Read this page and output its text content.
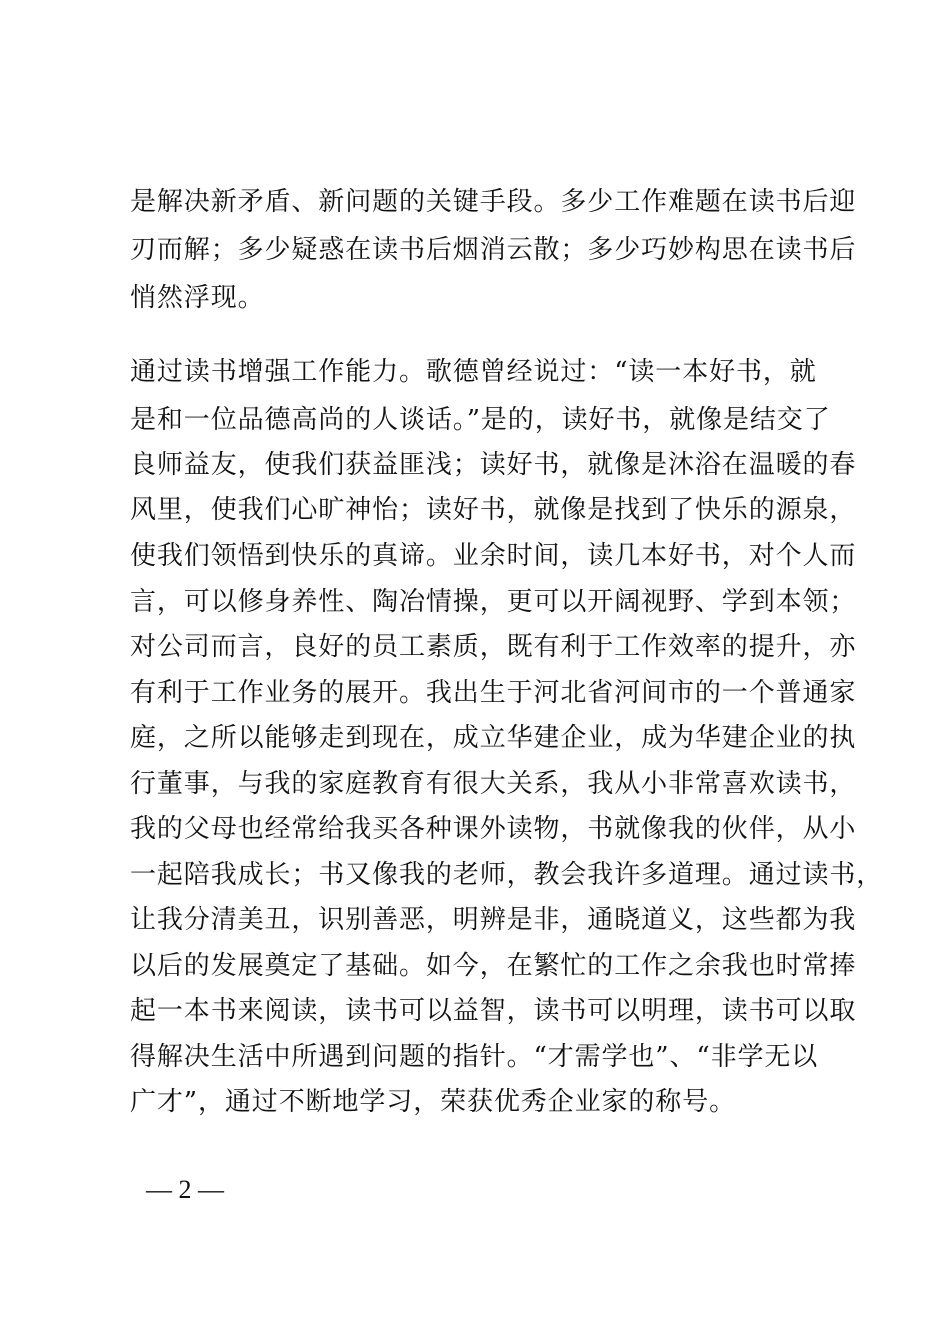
是解决新矛盾、新问题的关键手段。多少工作难题在读书后迎
刃而解；多少疑惑在读书后烟消云散；多少巧妙构思在读书后
悄然浮现。
通过读书增强工作能力。歌德曾经说过：“读一本好书，就
是和一位品德高尚的人谈话。”是的，读好书，就像是结交了
良师益友，使我们获益匪浅；读好书，就像是沐浴在温暖的春
风里，使我们心旷神怡；读好书，就像是找到了快乐的源泉，
使我们领悟到快乐的真谛。业余时间，读几本好书，对个人而
言，可以修身养性、陶冶情操，更可以开阔视野、学到本领；
对公司而言，良好的员工素质，既有利于工作效率的提升，亦
有利于工作业务的展开。我出生于河北省河间市的一个普通家
庭，之所以能够走到现在，成立华建企业，成为华建企业的执
行董事，与我的家庭教育有很大关系，我从小非常喜欢读书，
我的父母也经常给我买各种课外读物，书就像我的伙伴，从小
一起陪我成长；书又像我的老师，教会我许多道理。通过读书，
让我分清美丑，识别善恶，明辨是非，通晓道义，这些都为我
以后的发展奠定了基础。如今，在繁忙的工作之余我也时常捧
起一本书来阅读，读书可以益智，读书可以明理，读书可以取
得解决生活中所遇到问题的指针。“才需学也”、“非学无以
广才”，通过不断地学习，荣获优秀企业家的称号。
— 2 —
